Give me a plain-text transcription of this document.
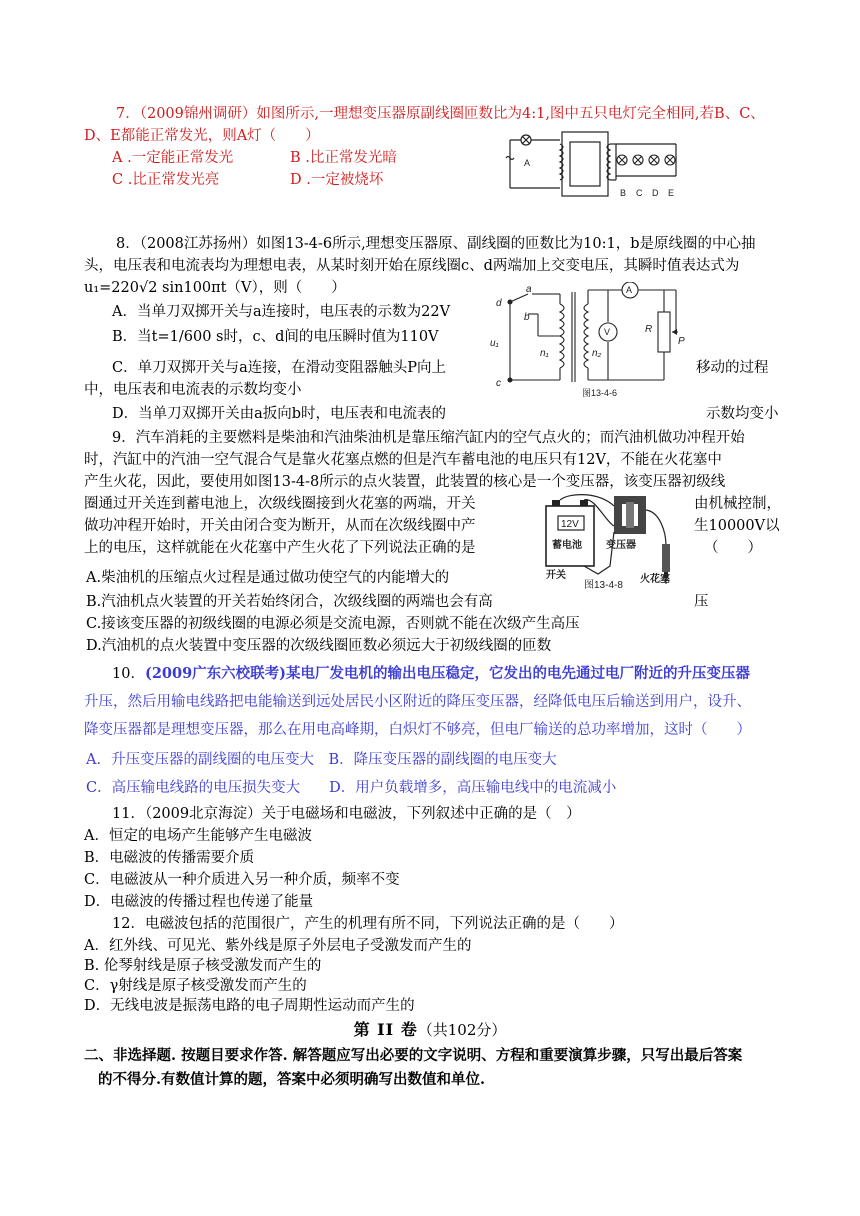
7．（2009锦州调研）如图所示,一理想变压器原副线圈匝数比为4:1,图中五只电灯完全相同,若B、C、
D、E都能正常发光，则A灯（　　）
A .一定能正常发光	B .比正常发光暗
C .比正常发光亮	D .一定被烧坏
A
B C D E
8．（2008江苏扬州）如图13-4-6所示,理想变压器原、副线圈的匝数比为10:1，b是原线圈的中心抽
头，电压表和电流表均为理想电表，从某时刻开始在原线圈c、d两端加上交变电压，其瞬时值表达式为
u₁=220√2 sin100πt（V），则（　　）
A．当单刀双掷开关与a连接时，电压表的示数为22V
B．当t=1/600 s时，c、d间的电压瞬时值为110V
C．单刀双掷开关与a连接，在滑动变阻器触头P向上	移动的过程
中，电压表和电流表的示数均变小
D．当单刀双掷开关由a扳向b时，电压表和电流表的	示数均变小
d
a
b
c
u₁
n₁	n₂
R
P
A
V
图13-4-6
9．汽车消耗的主要燃料是柴油和汽油柴油机是靠压缩汽缸内的空气点火的；而汽油机做功冲程开始
时，汽缸中的汽油一空气混合气是靠火花塞点燃的但是汽车蓄电池的电压只有12V，不能在火花塞中
产生火花，因此，要使用如图13-4-8所示的点火装置，此装置的核心是一个变压器，该变压器初级线
圈通过开关连到蓄电池上，次级线圈接到火花塞的两端，开关	由机械控制，
做功冲程开始时，开关由闭合变为断开，从而在次级线圈中产	生10000V以
上的电压，这样就能在火花塞中产生火花了下列说法正确的是	（　　）
A.柴油机的压缩点火过程是通过做功使空气的内能增大的
B.汽油机点火装置的开关若始终闭合，次级线圈的两端也会有高	压
C.接该变压器的初级线圈的电源必须是交流电源，否则就不能在次级产生高压
D.汽油机的点火装置中变压器的次级线圈匝数必须远大于初级线圈的匝数
12V
蓄电池 变压器
开关	火花塞
图13-4-8
10．(2009广东六校联考)某电厂发电机的输出电压稳定，它发出的电先通过电厂附近的升压变压器
升压，然后用输电线路把电能输送到远处居民小区附近的降压变压器，经降低电压后输送到用户，设升、
降变压器都是理想变压器，那么在用电高峰期，白炽灯不够亮，但电厂输送的总功率增加，这时（　　）
A．升压变压器的副线圈的电压变大　B．降压变压器的副线圈的电压变大
C．高压输电线路的电压损失变大　　D．用户负载增多，高压输电线中的电流减小
11．（2009北京海淀）关于电磁场和电磁波，下列叙述中正确的是（　）
A．恒定的电场产生能够产生电磁波
B．电磁波的传播需要介质
C．电磁波从一种介质进入另一种介质，频率不变
D．电磁波的传播过程也传递了能量
12．电磁波包括的范围很广，产生的机理有所不同，下列说法正确的是（　　）
A．红外线、可见光、紫外线是原子外层电子受激发而产生的
B. 伦琴射线是原子核受激发而产生的
C．γ射线是原子核受激发而产生的
D．无线电波是振荡电路的电子周期性运动而产生的
第 II 卷（共102分）
二、非选择题. 按题目要求作答. 解答题应写出必要的文字说明、方程和重要演算步骤，只写出最后答案
的不得分.有数值计算的题，答案中必须明确写出数值和单位.
